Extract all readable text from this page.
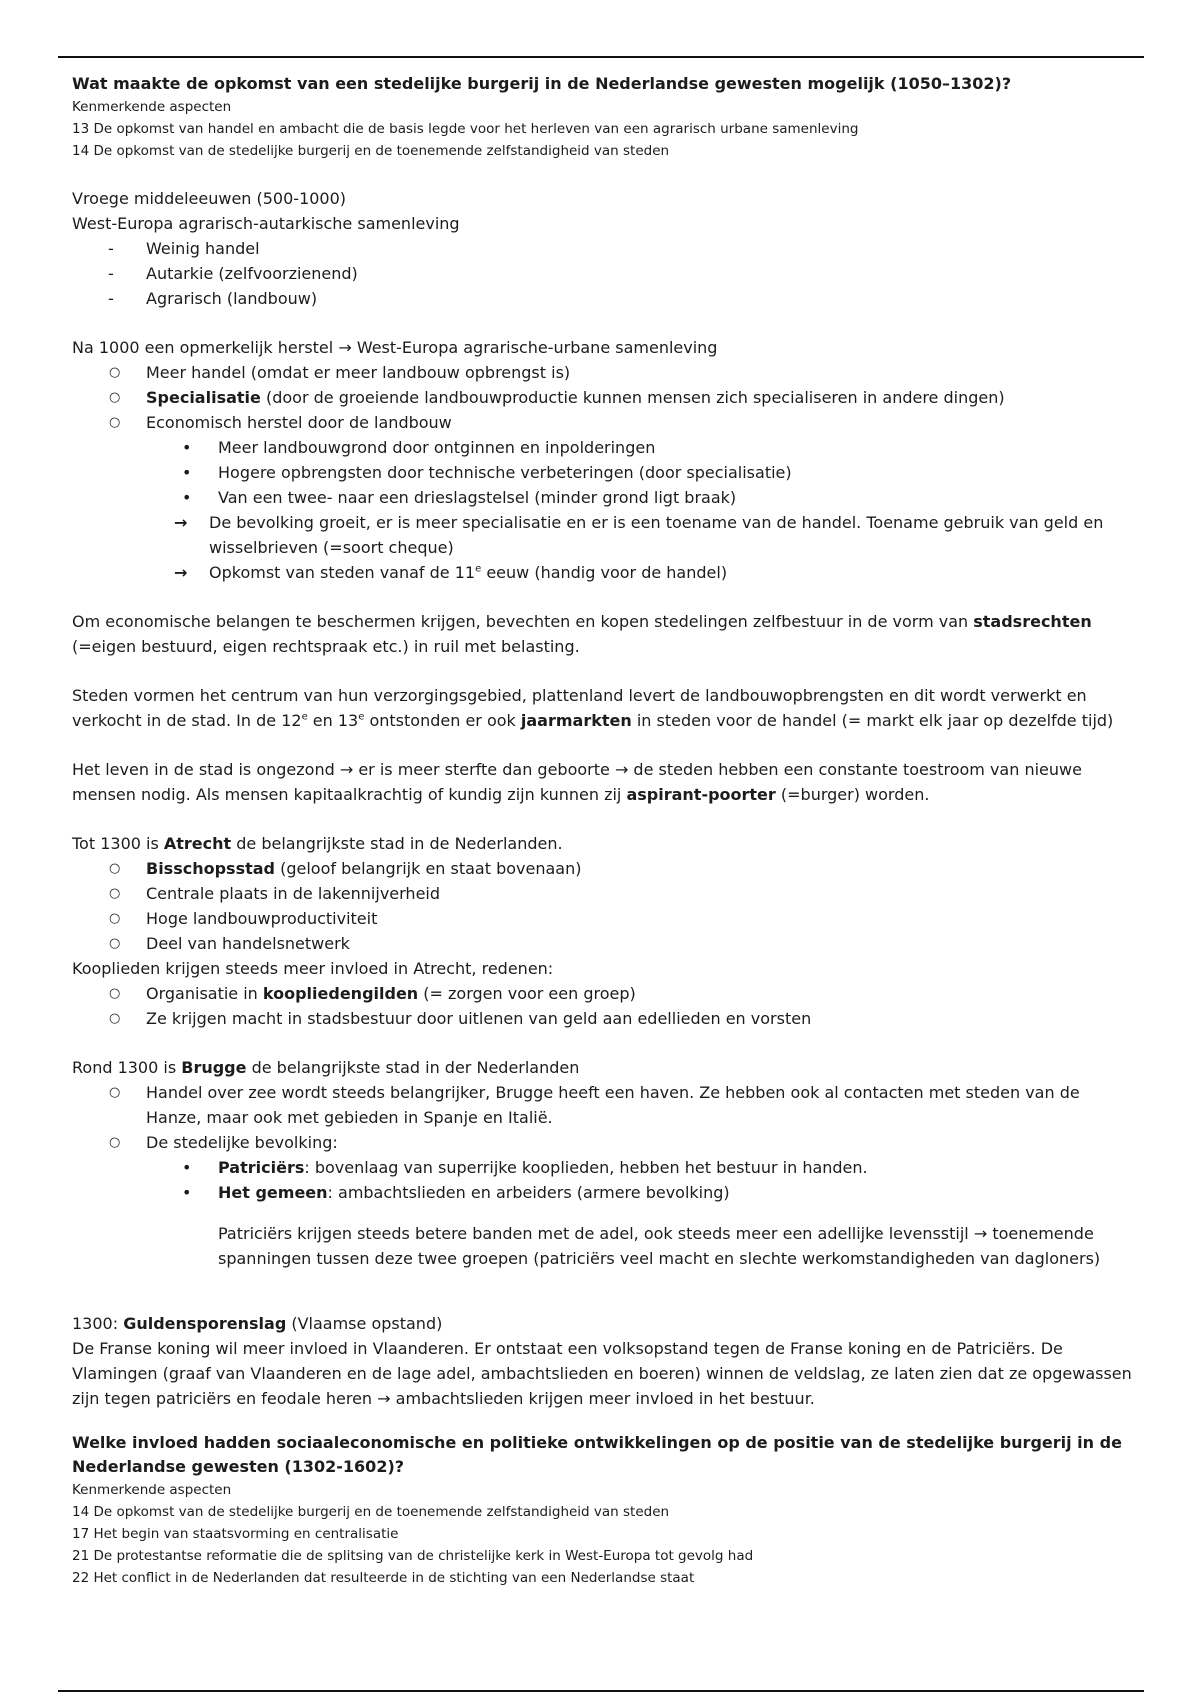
Wat maakte de opkomst van een stedelijke burgerij in de Nederlandse gewesten mogelijk (1050–1302)?

Kenmerkende aspecten

13 De opkomst van handel en ambacht die de basis legde voor het herleven van een agrarisch urbane samenleving

14 De opkomst van de stedelijke burgerij en de toenemende zelfstandigheid van steden

Vroege middeleeuwen (500-1000)

West-Europa agrarisch-autarkische samenleving

- Weinig handel
- Autarkie (zelfvoorzienend)
- Agrarisch (landbouw)

Na 1000 een opmerkelijk herstel → West-Europa agrarische-urbane samenleving

○ Meer handel (omdat er meer landbouw opbrengst is)
○ Specialisatie (door de groeiende landbouwproductie kunnen mensen zich specialiseren in andere dingen)
○ Economisch herstel door de landbouw
• Meer landbouwgrond door ontginnen en inpolderingen
• Hogere opbrengsten door technische verbeteringen (door specialisatie)
• Van een twee- naar een drieslagstelsel (minder grond ligt braak)
→ De bevolking groeit, er is meer specialisatie en er is een toename van de handel. Toename gebruik van geld en wisselbrieven (=soort cheque)
→ Opkomst van steden vanaf de 11e eeuw (handig voor de handel)

Om economische belangen te beschermen krijgen, bevechten en kopen stedelingen zelfbestuur in de vorm van stadsrechten (=eigen bestuurd, eigen rechtspraak etc.) in ruil met belasting.

Steden vormen het centrum van hun verzorgingsgebied, plattenland levert de landbouwopbrengsten en dit wordt verwerkt en verkocht in de stad. In de 12e en 13e ontstonden er ook jaarmarkten in steden voor de handel (= markt elk jaar op dezelfde tijd)

Het leven in de stad is ongezond → er is meer sterfte dan geboorte → de steden hebben een constante toestroom van nieuwe mensen nodig. Als mensen kapitaalkrachtig of kundig zijn kunnen zij aspirant-poorter (=burger) worden.

Tot 1300 is Atrecht de belangrijkste stad in de Nederlanden.

○ Bisschopsstad (geloof belangrijk en staat bovenaan)
○ Centrale plaats in de lakennijverheid
○ Hoge landbouwproductiviteit
○ Deel van handelsnetwerk

Kooplieden krijgen steeds meer invloed in Atrecht, redenen:

○ Organisatie in koopliedengilden (= zorgen voor een groep)
○ Ze krijgen macht in stadsbestuur door uitlenen van geld aan edellieden en vorsten

Rond 1300 is Brugge de belangrijkste stad in der Nederlanden

○ Handel over zee wordt steeds belangrijker, Brugge heeft een haven. Ze hebben ook al contacten met steden van de Hanze, maar ook met gebieden in Spanje en Italië.
○ De stedelijke bevolking:
• Patriciërs: bovenlaag van superrijke kooplieden, hebben het bestuur in handen.
• Het gemeen: ambachtslieden en arbeiders (armere bevolking)

Patriciërs krijgen steeds betere banden met de adel, ook steeds meer een adellijke levensstijl → toenemende spanningen tussen deze twee groepen (patriciërs veel macht en slechte werkomstandigheden van dagloners)

1300: Guldensporenslag (Vlaamse opstand)

De Franse koning wil meer invloed in Vlaanderen. Er ontstaat een volksopstand tegen de Franse koning en de Patriciërs. De Vlamingen (graaf van Vlaanderen en de lage adel, ambachtslieden en boeren) winnen de veldslag, ze laten zien dat ze opgewassen zijn tegen patriciërs en feodale heren → ambachtslieden krijgen meer invloed in het bestuur.

Welke invloed hadden sociaaleconomische en politieke ontwikkelingen op de positie van de stedelijke burgerij in de Nederlandse gewesten (1302-1602)?

Kenmerkende aspecten

14 De opkomst van de stedelijke burgerij en de toenemende zelfstandigheid van steden

17 Het begin van staatsvorming en centralisatie

21 De protestantse reformatie die de splitsing van de christelijke kerk in West-Europa tot gevolg had

22 Het conflict in de Nederlanden dat resulteerde in de stichting van een Nederlandse staat
